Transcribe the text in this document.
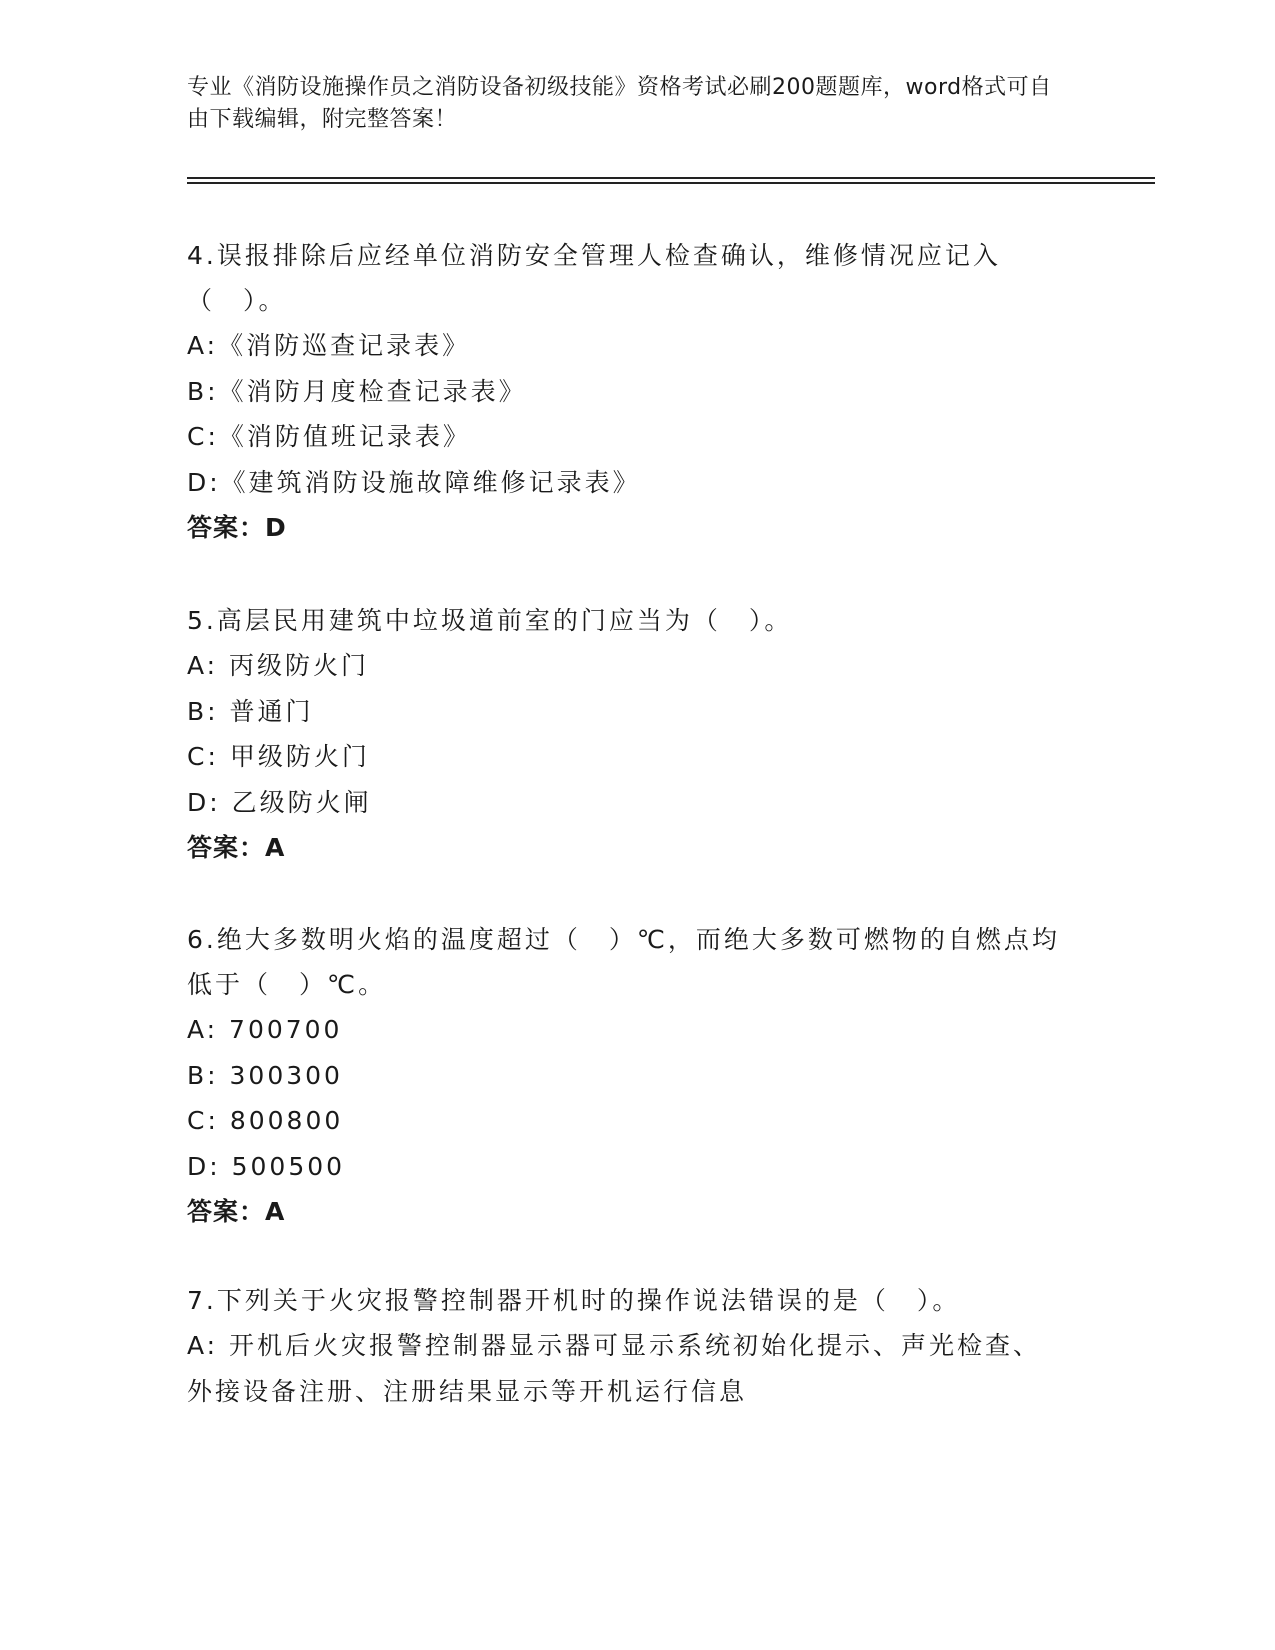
专业《消防设施操作员之消防设备初级技能》资格考试必刷200题题库，word格式可自由下载编辑，附完整答案！
4.误报排除后应经单位消防安全管理人检查确认，维修情况应记入（　）。
A:《消防巡查记录表》
B:《消防月度检查记录表》
C:《消防值班记录表》
D:《建筑消防设施故障维修记录表》
答案：D
5.高层民用建筑中垃圾道前室的门应当为（　）。
A: 丙级防火门
B: 普通门
C: 甲级防火门
D: 乙级防火闸
答案：A
6.绝大多数明火焰的温度超过（　）℃，而绝大多数可燃物的自燃点均低于（　）℃。
A: 700700
B: 300300
C: 800800
D: 500500
答案：A
7.下列关于火灾报警控制器开机时的操作说法错误的是（　）。
A: 开机后火灾报警控制器显示器可显示系统初始化提示、声光检查、外接设备注册、注册结果显示等开机运行信息
